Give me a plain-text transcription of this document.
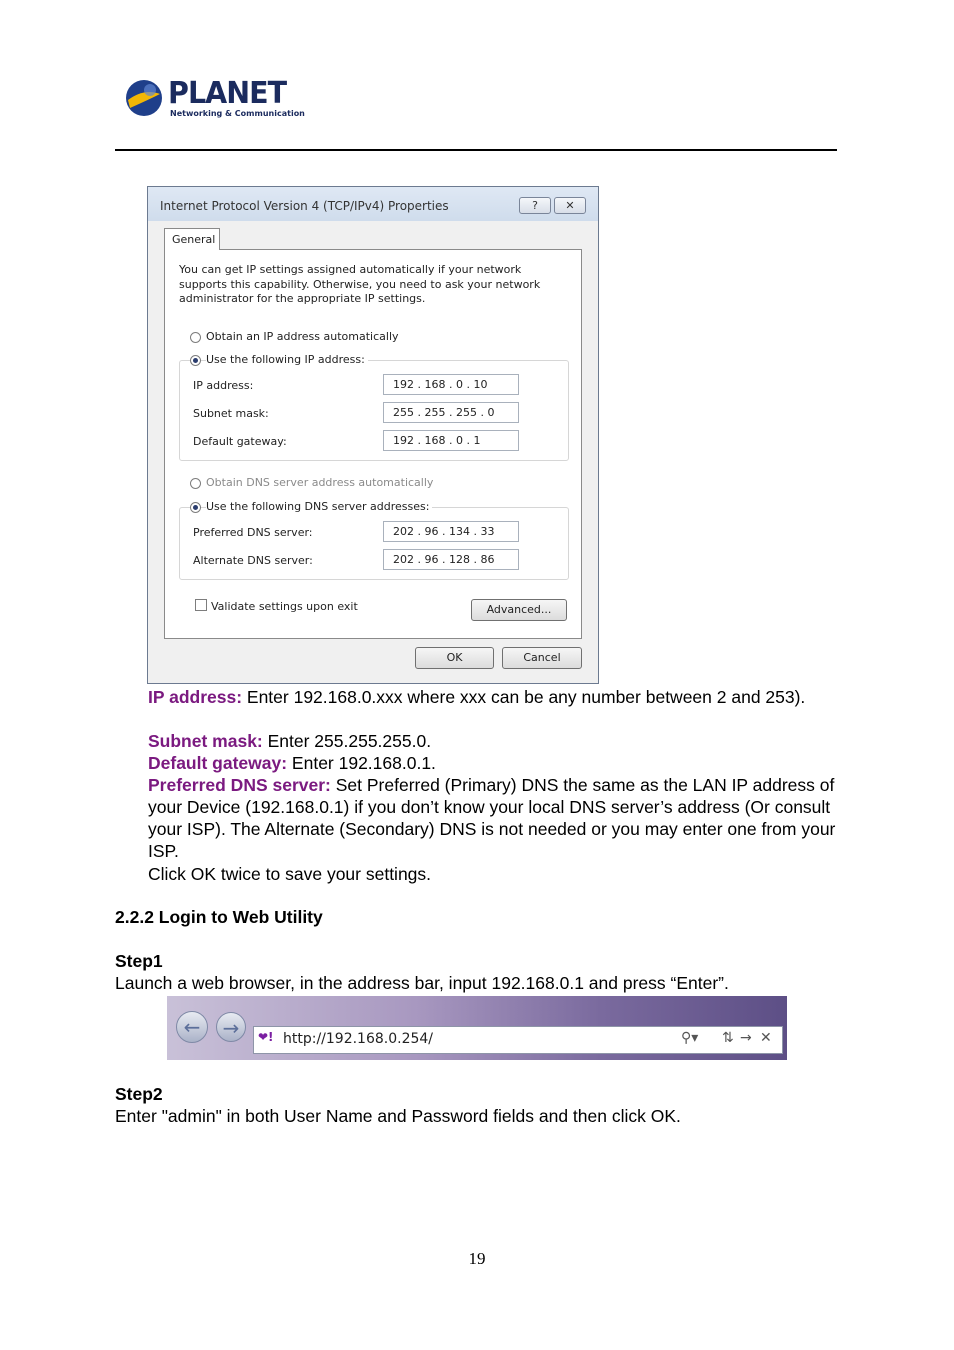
PLANET
Networking & Communication
Internet Protocol Version 4 (TCP/IPv4) Properties	?	✕
General
You can get IP settings assigned automatically if your network supports this capability. Otherwise, you need to ask your network administrator for the appropriate IP settings.
Obtain an IP address automatically
Use the following IP address:
IP address:	192 . 168 . 0 . 10
Subnet mask:	255 . 255 . 255 . 0
Default gateway:	192 . 168 . 0 . 1
Obtain DNS server address automatically
Use the following DNS server addresses:
Preferred DNS server:	202 . 96 . 134 . 33
Alternate DNS server:	202 . 96 . 128 . 86
Validate settings upon exit	Advanced...
OK	Cancel
IP address: Enter 192.168.0.xxx where xxx can be any number between 2 and 253).
Subnet mask: Enter 255.255.255.0.
Default gateway: Enter 192.168.0.1.
Preferred DNS server: Set Preferred (Primary) DNS the same as the LAN IP address of your Device (192.168.0.1) if you don’t know your local DNS server’s address (Or consult your ISP). The Alternate (Secondary) DNS is not needed or you may enter one from your ISP.
Click OK twice to save your settings.
2.2.2 Login to Web Utility
Step1
Launch a web browser, in the address bar, input 192.168.0.1 and press “Enter”.
←	→	❤! http://192.168.0.254/	⚲▾ ⇅ → ✕
Step2
Enter "admin" in both User Name and Password fields and then click OK.
19
